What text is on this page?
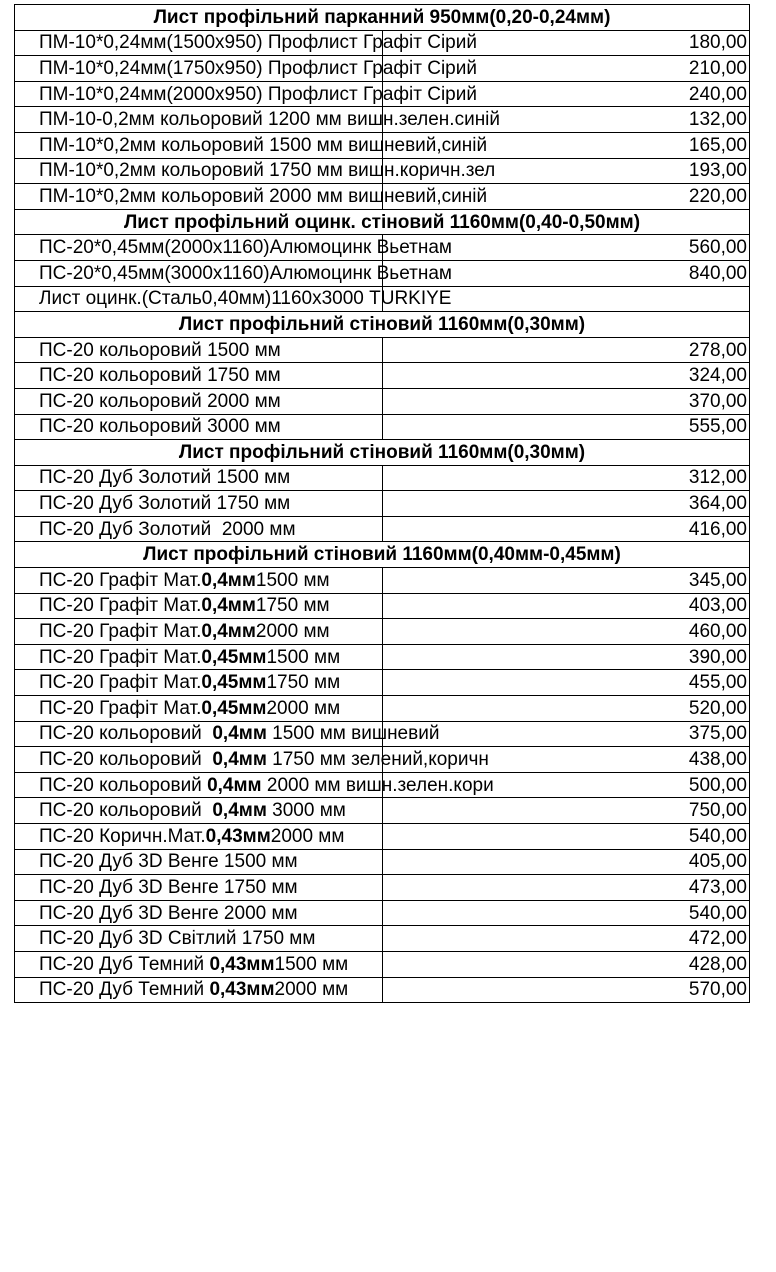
Лист профільний парканний 950мм(0,20-0,24мм)	
ПМ-10*0,24мм(1500х950) Профлист Графіт Сірий	180,00
ПМ-10*0,24мм(1750х950) Профлист Графіт Сірий	210,00
ПМ-10*0,24мм(2000х950) Профлист Графіт Сірий	240,00
ПМ-10-0,2мм кольоровий 1200 мм вишн.зелен.синій	132,00
ПМ-10*0,2мм кольоровий 1500 мм вишневий,синій	165,00
ПМ-10*0,2мм кольоровий 1750 мм вишн.коричн.зел	193,00
ПМ-10*0,2мм кольоровий 2000 мм вишневий,синій	220,00
Лист профільний оцинк. стіновий 1160мм(0,40-0,50мм)	
ПС-20*0,45мм(2000х1160)Алюмоцинк Вьетнам	560,00
ПС-20*0,45мм(3000х1160)Алюмоцинк Вьетнам	840,00
Лист оцинк.(Сталь0,40мм)1160х3000 TURKIYE	
Лист профільний стіновий 1160мм(0,30мм)	
ПС-20 кольоровий 1500 мм	278,00
ПС-20 кольоровий 1750 мм	324,00
ПС-20 кольоровий 2000 мм	370,00
ПС-20 кольоровий 3000 мм	555,00
Лист профільний стіновий 1160мм(0,30мм)	
ПС-20 Дуб Золотий 1500 мм	312,00
ПС-20 Дуб Золотий 1750 мм	364,00
ПС-20 Дуб Золотий  2000 мм	416,00
Лист профільний стіновий 1160мм(0,40мм-0,45мм)	
ПС-20 Графіт Мат.0,4мм1500 мм	345,00
ПС-20 Графіт Мат.0,4мм1750 мм	403,00
ПС-20 Графіт Мат.0,4мм2000 мм	460,00
ПС-20 Графіт Мат.0,45мм1500 мм	390,00
ПС-20 Графіт Мат.0,45мм1750 мм	455,00
ПС-20 Графіт Мат.0,45мм2000 мм	520,00
ПС-20 кольоровий  0,4мм 1500 мм вишневий	375,00
ПС-20 кольоровий  0,4мм 1750 мм зелений,коричн	438,00
ПС-20 кольоровий 0,4мм 2000 мм вишн.зелен.кори	500,00
ПС-20 кольоровий  0,4мм 3000 мм	750,00
ПС-20 Коричн.Мат.0,43мм2000 мм	540,00
ПС-20 Дуб 3D Венге 1500 мм	405,00
ПС-20 Дуб 3D Венге 1750 мм	473,00
ПС-20 Дуб 3D Венге 2000 мм	540,00
ПС-20 Дуб 3D Світлий 1750 мм	472,00
ПС-20 Дуб Темний 0,43мм1500 мм	428,00
ПС-20 Дуб Темний 0,43мм2000 мм	570,00
